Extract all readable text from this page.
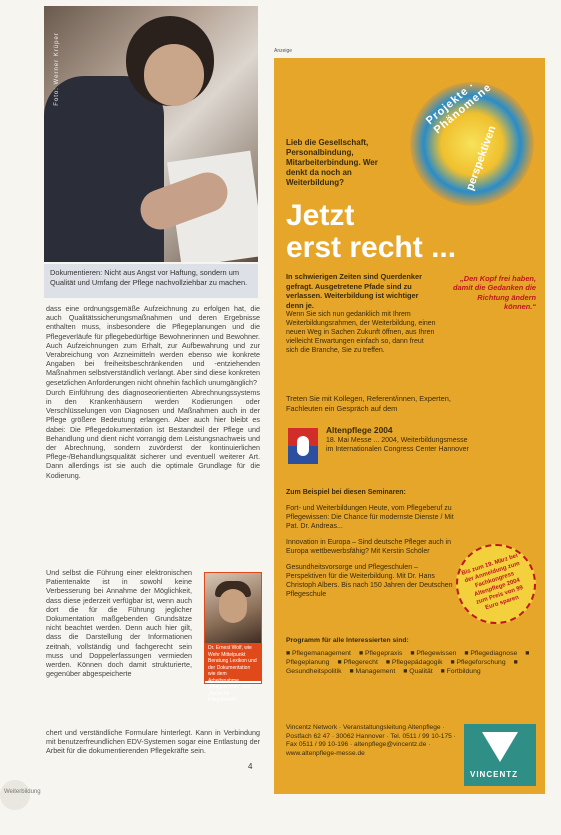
Foto: Werner Krüper
Dokumentieren: Nicht aus Angst vor Haftung, sondern um Qualität und Umfang der Pflege nachvollziehbar zu machen.

dass eine ordnungsgemäße Aufzeichnung zu erfolgen hat, die auch Qualitätssicherungsmaßnahmen und deren Ergebnisse enthalten muss, insbesondere die Pflegeplanungen und die Pflegeverläufe für pflegebedürftige Bewohnerinnen und Bewohner. Auch Aufzeichnungen zum Erhalt, zur Aufbewahrung und zur Verabreichung von Arzneimitteln werden ebenso wie konkrete Angaben bei freiheitsbeschränkenden und -entziehenden Maßnahmen selbstverständlich verlangt. Aber sind diese konkreten gesetzlichen Anforderungen nicht ohnehin fachlich unumgänglich?

Durch Einführung des diagnoseorientierten Abrechnungssystems in den Krankenhäusern werden Kodierungen oder Verschlüsselungen von Diagnosen und Maßnahmen auch in der Pflege größere Bedeutung erlangen. Aber auch hier bleibt es dabei: Die Pflegedokumentation ist Bestandteil der Pflege und Behandlung und dient nicht vorrangig dem Leistungsnachweis und der Abrechnung, sondern zuvörderst der kontinuierlichen Pflege-/Behandlungsqualität sicherer und eventuell weiterer Art. Dann allerdings ist sie auch die optimale Grundlage für die Kodierung.

Und selbst die Führung einer elektronischen Patientenakte ist in sowohl keine Verbesserung bei Annahme der Möglichkeit, dass diese jederzeit verfügbar ist, wenn auch dort die für die Führung jeglicher Dokumentation maßgebenden Grundsätze nicht beachtet werden. Denn auch hier gilt, dass die Darstellung der Informationen zeitnah, vollständig und fachgerecht sein muss und Doppelerfassungen vermieden werden. Können doch damit strukturierte, gegenüber abgespeicherte
chert und verständliche Formulare hinterlegt. Kann in Verbindung mit benutzerfreundlichen EDV-Systemen sogar eine Entlastung der Arbeit für die dokumentierenden Pflegekräfte sein.
Dr. Ernest Wolf, wie Wehr Mittelpunkt Beratung Lexikon und der Dokumentation wie dem Arbeitsnahme „Pflegewissen“ und „Recht für Pflegeberufe“
4
Weiterbildung
Anzeige
Lieb die Gesellschaft, Personalbindung, Mitarbeiterbindung. Wer denkt da noch an Weiterbildung?
Projekte · Phänomene
perspektiven
Jetzt
erst recht ...
In schwierigen Zeiten sind Querdenker gefragt. Ausgetretene Pfade sind zu verlassen. Weiterbildung ist wichtiger denn je.
Wenn Sie sich nun gedanklich mit Ihrem Weiterbildungsrahmen, der Weiterbildung, einen neuen Weg in Sachen Zukunft öffnen, aus Ihren vielleicht Erwartungen einfach so, dann freut sich die Branche, Sie zu treffen.
„Den Kopf frei haben, damit die Gedanken die Richtung ändern können.“
Treten Sie mit Kollegen, Referent/innen, Experten, Fachleuten ein Gespräch auf dem
Altenpflege 2004
18. Mai Messe ... 2004, Weiterbildungsmesse im Internationalen Congress Center Hannover

Zum Beispiel bei diesen Seminaren:

Fort- und Weiterbildungen Heute, vom Pflegeberuf zu Pflegewissen: Die Chance für modernste Dienste / Mit Pat. Dr. Andreas...

Innovation in Europa – Sind deutsche Pfleger auch in Europa wettbewerbsfähig? Mit Kerstin Schöler

Gesundheitsvorsorge und Pflegeschulen – Perspektiven für die Weiterbildung. Mit Dr. Hans Christoph Albers. Bis nach 150 Jahren der Deutschen Pflegeschule

Bis zum 19. März bei der Anmeldung zum Fachkongress Altenpflege 2004 zum Preis von 99 Euro sparen
Programm für alle Interessierten sind:
■ Pflegemanagement ■ Pflegepraxis ■ Pflegewissen ■ Pflegediagnose ■ Pflegeplanung ■ Pflegerecht ■ Pflegepädagogik ■ Pflegeforschung ■ Gesundheitspolitik ■ Management ■ Qualität ■ Fortbildung
Vincentz Network · Veranstaltungsleitung Altenpflege · Postfach 62 47 · 30062 Hannover · Tel. 0511 / 99 10-175 · Fax 0511 / 99 10-196 · altenpflege@vincentz.de · www.altenpflege-messe.de
VINCENTZ
